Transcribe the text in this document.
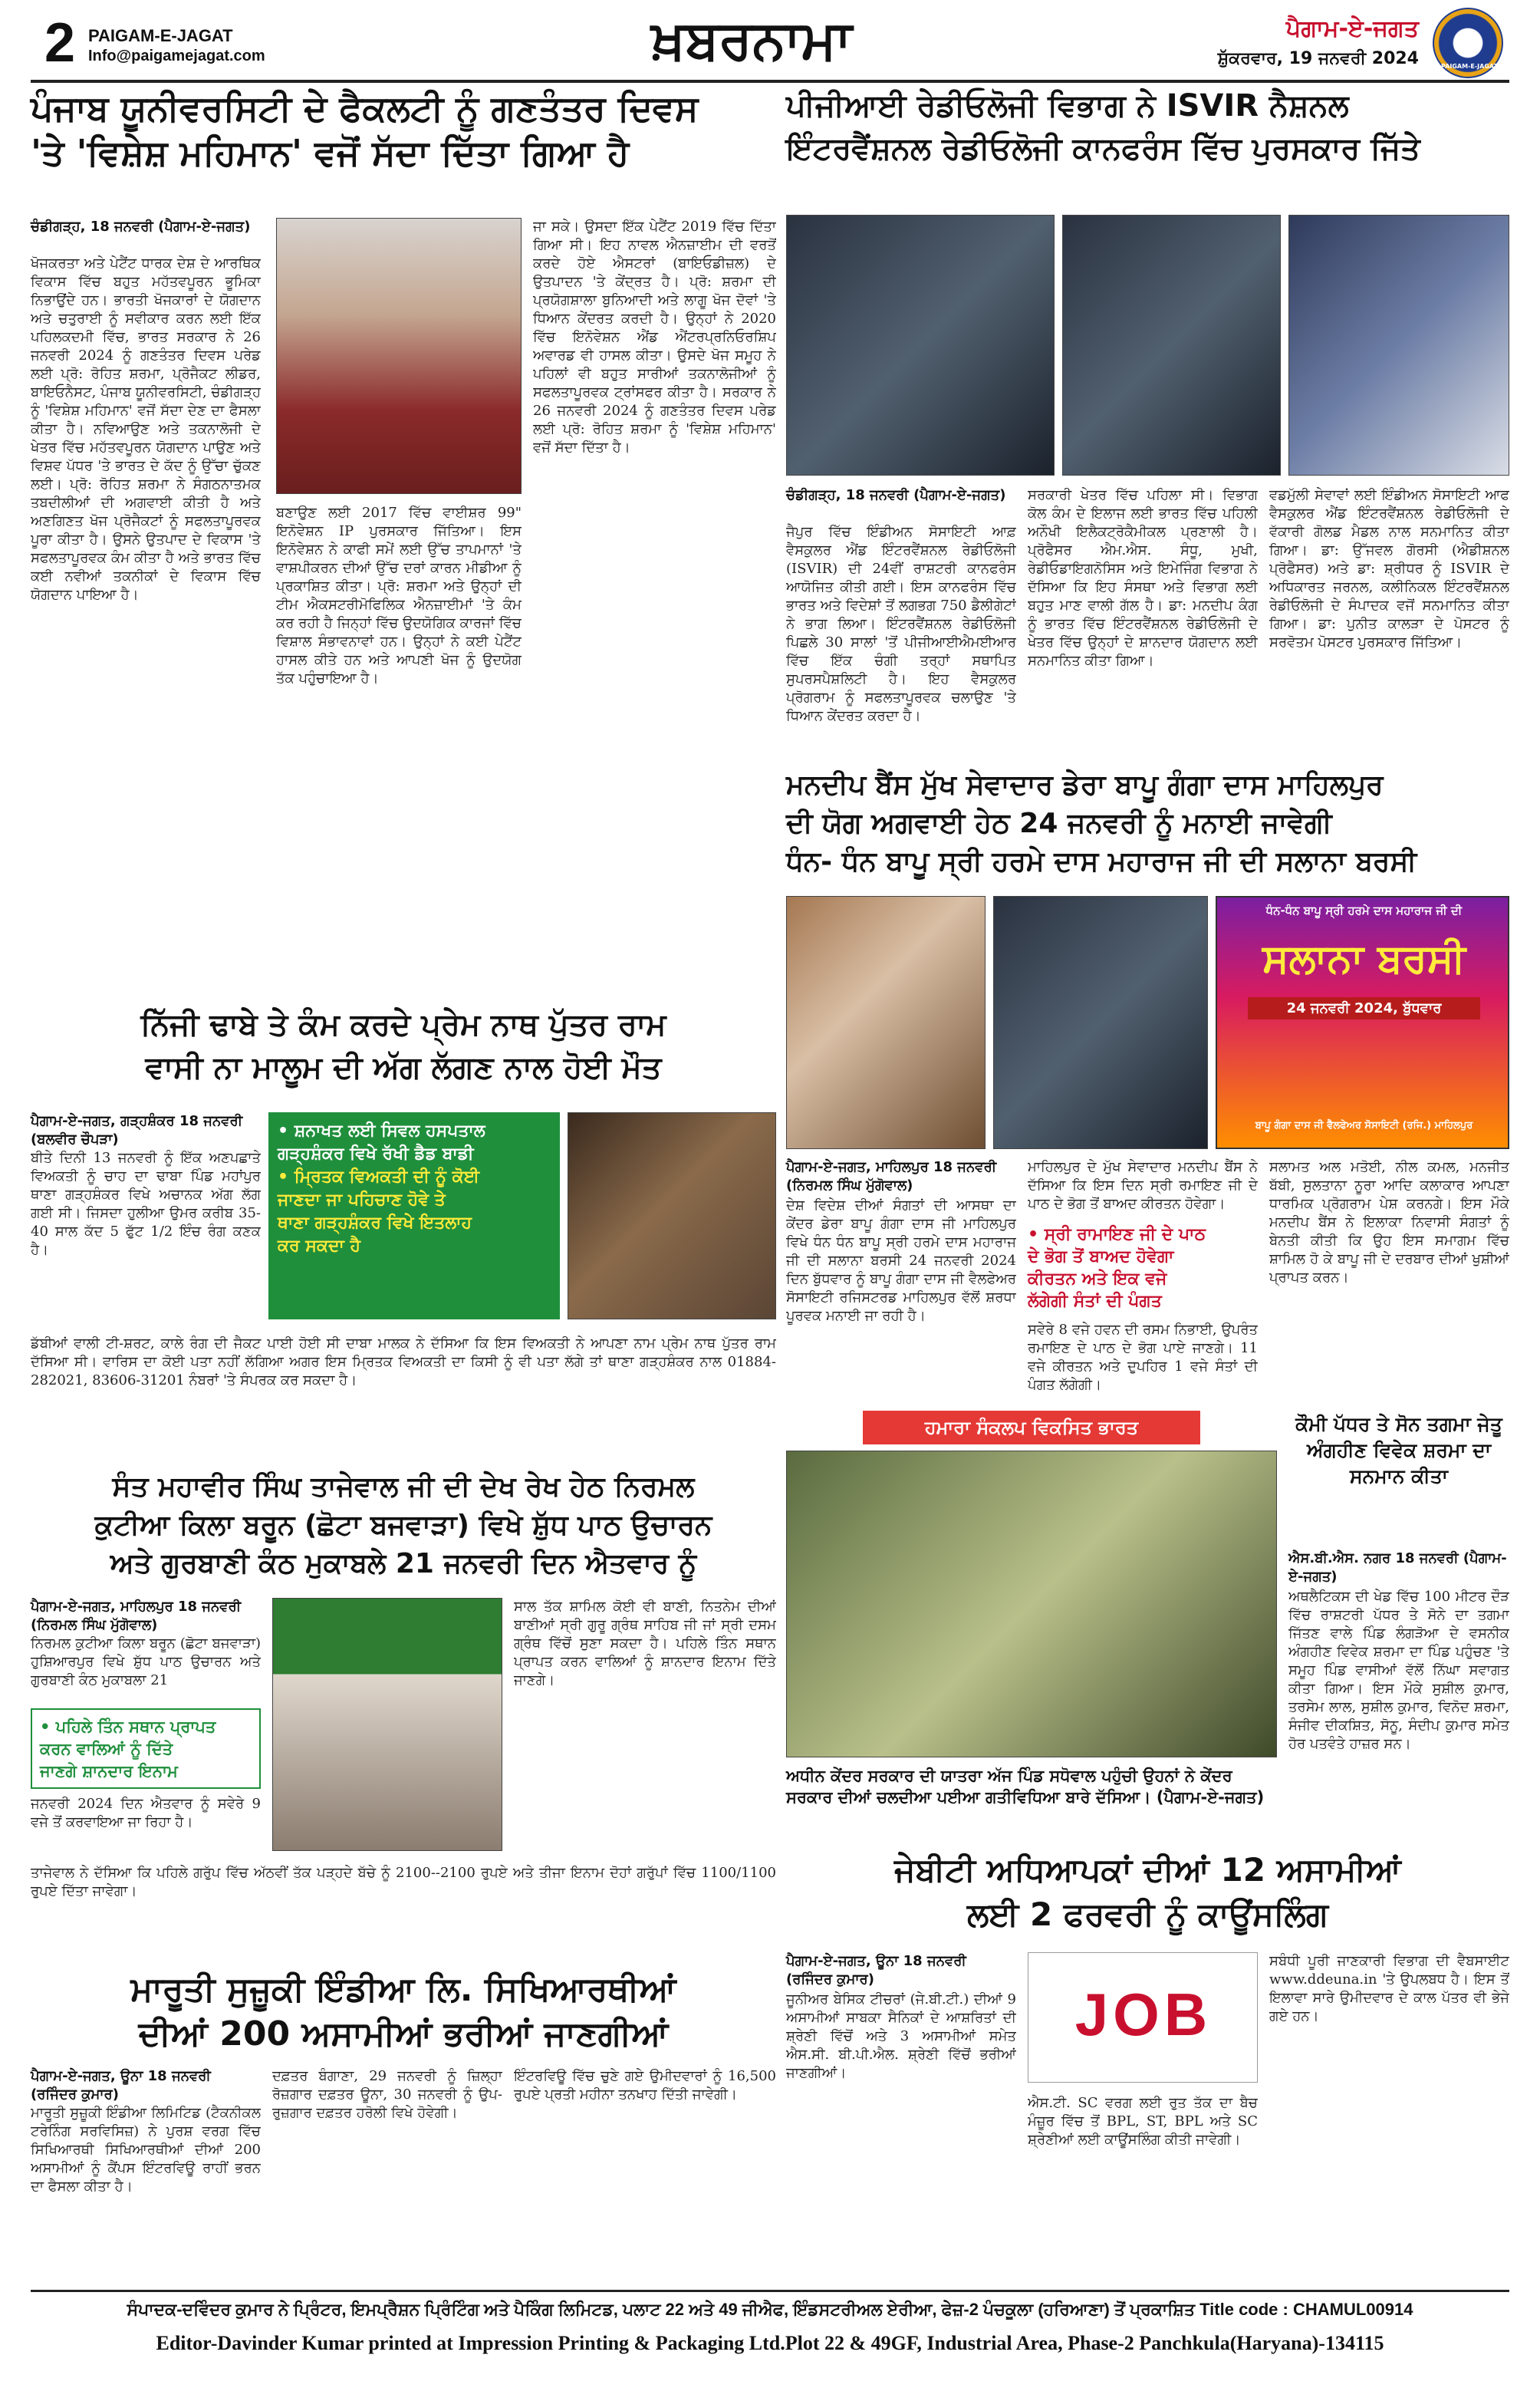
2 PAIGAM-E-JAGAT
Info@paigamejagat.com	ਖ਼ਬਰਨਾਮਾ	ਪੈਗਾਮ-ਏ-ਜਗਤ
ਸ਼ੁੱਕਰਵਾਰ, 19 ਜਨਵਰੀ 2024	PAIGAM-E-JAGAT
ਪੰਜਾਬ ਯੂਨੀਵਰਸਿਟੀ ਦੇ ਫੈਕਲਟੀ ਨੂੰ ਗਣਤੰਤਰ ਦਿਵਸ
'ਤੇ 'ਵਿਸ਼ੇਸ਼ ਮਹਿਮਾਨ' ਵਜੋਂ ਸੱਦਾ ਦਿੱਤਾ ਗਿਆ ਹੈ
ਚੰਡੀਗੜ੍ਹ, 18 ਜਨਵਰੀ (ਪੈਗਾਮ-ਏ-ਜਗਤ)
ਖੋਜਕਰਤਾ ਅਤੇ ਪੇਟੈਂਟ ਧਾਰਕ ਦੇਸ਼ ਦੇ ਆਰਥਿਕ ਵਿਕਾਸ ਵਿੱਚ ਬਹੁਤ ਮਹੱਤਵਪੂਰਨ ਭੂਮਿਕਾ ਨਿਭਾਉਂਦੇ ਹਨ। ਭਾਰਤੀ ਖੋਜਕਾਰਾਂ ਦੇ ਯੋਗਦਾਨ ਅਤੇ ਚਤੁਰਾਈ ਨੂੰ ਸਵੀਕਾਰ ਕਰਨ ਲਈ ਇੱਕ ਪਹਿਲਕਦਮੀ ਵਿੱਚ, ਭਾਰਤ ਸਰਕਾਰ ਨੇ 26 ਜਨਵਰੀ 2024 ਨੂੰ ਗਣਤੰਤਰ ਦਿਵਸ ਪਰੇਡ ਲਈ ਪ੍ਰੋ: ਰੋਹਿਤ ਸ਼ਰਮਾ, ਪ੍ਰੋਜੈਕਟ ਲੀਡਰ, ਬਾਇਓਨੈਸਟ, ਪੰਜਾਬ ਯੂਨੀਵਰਸਿਟੀ, ਚੰਡੀਗੜ੍ਹ ਨੂੰ 'ਵਿਸ਼ੇਸ਼ ਮਹਿਮਾਨ' ਵਜੋਂ ਸੱਦਾ ਦੇਣ ਦਾ ਫੈਸਲਾ ਕੀਤਾ ਹੈ। ਨਵਿਆਉਣ ਅਤੇ ਤਕਨਾਲੋਜੀ ਦੇ ਖੇਤਰ ਵਿੱਚ ਮਹੱਤਵਪੂਰਨ ਯੋਗਦਾਨ ਪਾਉਣ ਅਤੇ ਵਿਸ਼ਵ ਪੱਧਰ 'ਤੇ ਭਾਰਤ ਦੇ ਕੱਦ ਨੂੰ ਉੱਚਾ ਚੁੱਕਣ ਲਈ। ਪ੍ਰੋ: ਰੋਹਿਤ ਸ਼ਰਮਾ ਨੇ ਸੰਗਠਨਾਤਮਕ ਤਬਦੀਲੀਆਂ ਦੀ ਅਗਵਾਈ ਕੀਤੀ ਹੈ ਅਤੇ ਅਣਗਿਣਤ ਖੋਜ ਪ੍ਰੋਜੈਕਟਾਂ ਨੂੰ ਸਫਲਤਾਪੂਰਵਕ ਪੂਰਾ ਕੀਤਾ ਹੈ। ਉਸਨੇ ਉਤਪਾਦ ਦੇ ਵਿਕਾਸ 'ਤੇ ਸਫਲਤਾਪੂਰਵਕ ਕੰਮ ਕੀਤਾ ਹੈ ਅਤੇ ਭਾਰਤ ਵਿੱਚ ਕਈ ਨਵੀਆਂ ਤਕਨੀਕਾਂ ਦੇ ਵਿਕਾਸ ਵਿੱਚ ਯੋਗਦਾਨ ਪਾਇਆ ਹੈ।
ਬਣਾਉਣ ਲਈ 2017 ਵਿੱਚ ਵਾਈਸ਼ਰ 99" ਇਨੋਵੇਸ਼ਨ IP ਪੁਰਸਕਾਰ ਜਿੱਤਿਆ। ਇਸ ਇਨੋਵੇਸ਼ਨ ਨੇ ਕਾਫੀ ਸਮੇਂ ਲਈ ਉੱਚ ਤਾਪਮਾਨਾਂ 'ਤੇ ਵਾਸ਼ਪੀਕਰਨ ਦੀਆਂ ਉੱਚ ਦਰਾਂ ਕਾਰਨ ਮੀਡੀਆ ਨੂੰ ਪ੍ਰਕਾਸ਼ਿਤ ਕੀਤਾ। ਪ੍ਰੋ: ਸ਼ਰਮਾ ਅਤੇ ਉਨ੍ਹਾਂ ਦੀ ਟੀਮ ਐਕਸਟਰੀਮੋਫਿਲਿਕ ਐਨਜ਼ਾਈਮਾਂ 'ਤੇ ਕੰਮ ਕਰ ਰਹੀ ਹੈ ਜਿਨ੍ਹਾਂ ਵਿੱਚ ਉਦਯੋਗਿਕ ਕਾਰਜਾਂ ਵਿੱਚ ਵਿਸ਼ਾਲ ਸੰਭਾਵਨਾਵਾਂ ਹਨ। ਉਨ੍ਹਾਂ ਨੇ ਕਈ ਪੇਟੈਂਟ ਹਾਸਲ ਕੀਤੇ ਹਨ ਅਤੇ ਆਪਣੀ ਖੋਜ ਨੂੰ ਉਦਯੋਗ ਤੱਕ ਪਹੁੰਚਾਇਆ ਹੈ।
ਜਾ ਸਕੇ। ਉਸਦਾ ਇੱਕ ਪੇਟੈਂਟ 2019 ਵਿੱਚ ਦਿੱਤਾ ਗਿਆ ਸੀ। ਇਹ ਨਾਵਲ ਐਨਜ਼ਾਈਮ ਦੀ ਵਰਤੋਂ ਕਰਦੇ ਹੋਏ ਐਸਟਰਾਂ (ਬਾਇਓਡੀਜ਼ਲ) ਦੇ ਉਤਪਾਦਨ 'ਤੇ ਕੇਂਦ੍ਰਤ ਹੈ। ਪ੍ਰੋ: ਸ਼ਰਮਾ ਦੀ ਪ੍ਰਯੋਗਸ਼ਾਲਾ ਬੁਨਿਆਦੀ ਅਤੇ ਲਾਗੂ ਖੋਜ ਦੋਵਾਂ 'ਤੇ ਧਿਆਨ ਕੇਂਦਰਤ ਕਰਦੀ ਹੈ। ਉਨ੍ਹਾਂ ਨੇ 2020 ਵਿੱਚ ਇਨੋਵੇਸ਼ਨ ਐਂਡ ਐਂਟਰਪ੍ਰਨਿਓਰਸ਼ਿਪ ਅਵਾਰਡ ਵੀ ਹਾਸਲ ਕੀਤਾ। ਉਸਦੇ ਖੋਜ ਸਮੂਹ ਨੇ ਪਹਿਲਾਂ ਵੀ ਬਹੁਤ ਸਾਰੀਆਂ ਤਕਨਾਲੋਜੀਆਂ ਨੂੰ ਸਫਲਤਾਪੂਰਵਕ ਟ੍ਰਾਂਸਫਰ ਕੀਤਾ ਹੈ। ਸਰਕਾਰ ਨੇ 26 ਜਨਵਰੀ 2024 ਨੂੰ ਗਣਤੰਤਰ ਦਿਵਸ ਪਰੇਡ ਲਈ ਪ੍ਰੋ: ਰੋਹਿਤ ਸ਼ਰਮਾ ਨੂੰ 'ਵਿਸ਼ੇਸ਼ ਮਹਿਮਾਨ' ਵਜੋਂ ਸੱਦਾ ਦਿੱਤਾ ਹੈ।
ਪੀਜੀਆਈ ਰੇਡੀਓਲੋਜੀ ਵਿਭਾਗ ਨੇ ISVIR ਨੈਸ਼ਨਲ
ਇੰਟਰਵੈਂਸ਼ਨਲ ਰੇਡੀਓਲੋਜੀ ਕਾਨਫਰੰਸ ਵਿੱਚ ਪੁਰਸਕਾਰ ਜਿੱਤੇ
ਚੰਡੀਗੜ੍ਹ, 18 ਜਨਵਰੀ (ਪੈਗਾਮ-ਏ-ਜਗਤ)
ਜੈਪੁਰ ਵਿੱਚ ਇੰਡੀਅਨ ਸੋਸਾਇਟੀ ਆਫ਼ ਵੈਸਕੁਲਰ ਐਂਡ ਇੰਟਰਵੈਂਸ਼ਨਲ ਰੇਡੀਓਲੋਜੀ (ISVIR) ਦੀ 24ਵੀਂ ਰਾਸ਼ਟਰੀ ਕਾਨਫਰੰਸ ਆਯੋਜਿਤ ਕੀਤੀ ਗਈ। ਇਸ ਕਾਨਫਰੰਸ ਵਿੱਚ ਭਾਰਤ ਅਤੇ ਵਿਦੇਸ਼ਾਂ ਤੋਂ ਲਗਭਗ 750 ਡੈਲੀਗੇਟਾਂ ਨੇ ਭਾਗ ਲਿਆ। ਇੰਟਰਵੈਂਸ਼ਨਲ ਰੇਡੀਓਲੋਜੀ ਪਿਛਲੇ 30 ਸਾਲਾਂ 'ਤੋਂ ਪੀਜੀਆਈਐਮਈਆਰ ਵਿੱਚ ਇੱਕ ਚੰਗੀ ਤਰ੍ਹਾਂ ਸਥਾਪਿਤ ਸੁਪਰਸਪੈਸ਼ਲਿਟੀ ਹੈ। ਇਹ ਵੈਸਕੁਲਰ ਪ੍ਰੋਗਰਾਮ ਨੂੰ ਸਫਲਤਾਪੂਰਵਕ ਚਲਾਉਣ 'ਤੇ ਧਿਆਨ ਕੇਂਦਰਤ ਕਰਦਾ ਹੈ।
ਸਰਕਾਰੀ ਖੇਤਰ ਵਿੱਚ ਪਹਿਲਾ ਸੀ। ਵਿਭਾਗ ਕੋਲ ਕੰਮ ਦੇ ਇਲਾਜ ਲਈ ਭਾਰਤ ਵਿੱਚ ਪਹਿਲੀ ਅਨੌਖੀ ਇਲੈਕਟ੍ਰੋਕੈਮੀਕਲ ਪ੍ਰਣਾਲੀ ਹੈ। ਪ੍ਰੋਫੈਸਰ ਐਮ.ਐਸ. ਸੰਧੂ, ਮੁਖੀ, ਰੇਡੀਓਡਾਇਗਨੋਸਿਸ ਅਤੇ ਇਮੇਜਿੰਗ ਵਿਭਾਗ ਨੇ ਦੱਸਿਆ ਕਿ ਇਹ ਸੰਸਥਾ ਅਤੇ ਵਿਭਾਗ ਲਈ ਬਹੁਤ ਮਾਣ ਵਾਲੀ ਗੱਲ ਹੈ। ਡਾ: ਮਨਦੀਪ ਕੰਗ ਨੂੰ ਭਾਰਤ ਵਿੱਚ ਇੰਟਰਵੈਂਸ਼ਨਲ ਰੇਡੀਓਲੋਜੀ ਦੇ ਖੇਤਰ ਵਿੱਚ ਉਨ੍ਹਾਂ ਦੇ ਸ਼ਾਨਦਾਰ ਯੋਗਦਾਨ ਲਈ ਸਨਮਾਨਿਤ ਕੀਤਾ ਗਿਆ।
ਵਡਮੁੱਲੀ ਸੇਵਾਵਾਂ ਲਈ ਇੰਡੀਅਨ ਸੋਸਾਇਟੀ ਆਫ ਵੈਸਕੁਲਰ ਐਂਡ ਇੰਟਰਵੈਂਸ਼ਨਲ ਰੇਡੀਓਲੋਜੀ ਦੇ ਵੱਕਾਰੀ ਗੋਲਡ ਮੈਡਲ ਨਾਲ ਸਨਮਾਨਿਤ ਕੀਤਾ ਗਿਆ। ਡਾ: ਉੱਜਵਲ ਗੋਰਸੀ (ਐਡੀਸ਼ਨਲ ਪ੍ਰੋਫੈਸਰ) ਅਤੇ ਡਾ: ਸ਼੍ਰੀਧਰ ਨੂੰ ISVIR ਦੇ ਅਧਿਕਾਰਤ ਜਰਨਲ, ਕਲੀਨਿਕਲ ਇੰਟਰਵੈਂਸ਼ਨਲ ਰੇਡੀਓਲੋਜੀ ਦੇ ਸੰਪਾਦਕ ਵਜੋਂ ਸਨਮਾਨਿਤ ਕੀਤਾ ਗਿਆ। ਡਾ: ਪੁਨੀਤ ਕਾਲੜਾ ਦੇ ਪੋਸਟਰ ਨੂੰ ਸਰਵੋਤਮ ਪੋਸਟਰ ਪੁਰਸਕਾਰ ਜਿੱਤਿਆ।
ਮਨਦੀਪ ਬੈਂਸ ਮੁੱਖ ਸੇਵਾਦਾਰ ਡੇਰਾ ਬਾਪੂ ਗੰਗਾ ਦਾਸ ਮਾਹਿਲਪੁਰ
ਦੀ ਯੋਗ ਅਗਵਾਈ ਹੇਠ 24 ਜਨਵਰੀ ਨੂੰ ਮਨਾਈ ਜਾਵੇਗੀ
ਧੰਨ- ਧੰਨ ਬਾਪੂ ਸ੍ਰੀ ਹਰਮੇ ਦਾਸ ਮਹਾਰਾਜ ਜੀ ਦੀ ਸਲਾਨਾ ਬਰਸੀ
ਧੰਨ-ਧੰਨ ਬਾਪੂ ਸ੍ਰੀ ਹਰਮੇ ਦਾਸ ਮਹਾਰਾਜ ਜੀ ਦੀ
ਸਲਾਨਾ ਬਰਸੀ
24 ਜਨਵਰੀ 2024, ਬੁੱਧਵਾਰ
ਬਾਪੂ ਗੰਗਾ ਦਾਸ ਜੀ ਵੈਲਫੇਅਰ ਸੋਸਾਇਟੀ (ਰਜਿ.) ਮਾਹਿਲਪੁਰ
ਪੈਗਾਮ-ਏ-ਜਗਤ, ਮਾਹਿਲਪੁਰ 18 ਜਨਵਰੀ (ਨਿਰਮਲ ਸਿੰਘ ਮੁੱਗੋਵਾਲ)
ਦੇਸ਼ ਵਿਦੇਸ਼ ਦੀਆਂ ਸੰਗਤਾਂ ਦੀ ਆਸਥਾ ਦਾ ਕੇਂਦਰ ਡੇਰਾ ਬਾਪੂ ਗੰਗਾ ਦਾਸ ਜੀ ਮਾਹਿਲਪੁਰ ਵਿਖੇ ਧੰਨ ਧੰਨ ਬਾਪੂ ਸ੍ਰੀ ਹਰਮੇ ਦਾਸ ਮਹਾਰਾਜ ਜੀ ਦੀ ਸਲਾਨਾ ਬਰਸੀ 24 ਜਨਵਰੀ 2024 ਦਿਨ ਬੁੱਧਵਾਰ ਨੂੰ ਬਾਪੂ ਗੰਗਾ ਦਾਸ ਜੀ ਵੈਲਫੇਅਰ ਸੋਸਾਇਟੀ ਰਜਿਸਟਰਡ ਮਾਹਿਲਪੁਰ ਵੱਲੋਂ ਸ਼ਰਧਾ ਪੂਰਵਕ ਮਨਾਈ ਜਾ ਰਹੀ ਹੈ।
ਮਾਹਿਲਪੁਰ ਦੇ ਮੁੱਖ ਸੇਵਾਦਾਰ ਮਨਦੀਪ ਬੈਂਸ ਨੇ ਦੱਸਿਆ ਕਿ ਇਸ ਦਿਨ ਸ੍ਰੀ ਰਮਾਇਣ ਜੀ ਦੇ ਪਾਠ ਦੇ ਭੋਗ ਤੋਂ ਬਾਅਦ ਕੀਰਤਨ ਹੋਵੇਗਾ।
• ਸ੍ਰੀ ਰਾਮਾਇਣ ਜੀ ਦੇ ਪਾਠ
ਦੇ ਭੋਗ ਤੋਂ ਬਾਅਦ ਹੋਵੇਗਾ
ਕੀਰਤਨ ਅਤੇ ਇਕ ਵਜੇ
ਲੱਗੇਗੀ ਸੰਤਾਂ ਦੀ ਪੰਗਤ
ਸਵੇਰੇ 8 ਵਜੇ ਹਵਨ ਦੀ ਰਸਮ ਨਿਭਾਈ, ਉਪਰੰਤ ਰਮਾਇਣ ਦੇ ਪਾਠ ਦੇ ਭੋਗ ਪਾਏ ਜਾਣਗੇ। 11 ਵਜੇ ਕੀਰਤਨ ਅਤੇ ਦੁਪਹਿਰ 1 ਵਜੇ ਸੰਤਾਂ ਦੀ ਪੰਗਤ ਲੱਗੇਗੀ।
ਸਲਾਮਤ ਅਲ ਮਤੋਈ, ਨੀਲ ਕਮਲ, ਮਨਜੀਤ ਬੱਬੀ, ਸੁਲਤਾਨਾ ਨੂਰਾ ਆਦਿ ਕਲਾਕਾਰ ਆਪਣਾ ਧਾਰਮਿਕ ਪ੍ਰੋਗਰਾਮ ਪੇਸ਼ ਕਰਨਗੇ। ਇਸ ਮੌਕੇ ਮਨਦੀਪ ਬੈਂਸ ਨੇ ਇਲਾਕਾ ਨਿਵਾਸੀ ਸੰਗਤਾਂ ਨੂੰ ਬੇਨਤੀ ਕੀਤੀ ਕਿ ਉਹ ਇਸ ਸਮਾਗਮ ਵਿੱਚ ਸ਼ਾਮਿਲ ਹੋ ਕੇ ਬਾਪੂ ਜੀ ਦੇ ਦਰਬਾਰ ਦੀਆਂ ਖੁਸ਼ੀਆਂ ਪ੍ਰਾਪਤ ਕਰਨ।
ਨਿੱਜੀ ਢਾਬੇ ਤੇ ਕੰਮ ਕਰਦੇ ਪ੍ਰੇਮ ਨਾਥ ਪੁੱਤਰ ਰਾਮ
ਵਾਸੀ ਨਾ ਮਾਲੂਮ ਦੀ ਅੱਗ ਲੱਗਣ ਨਾਲ ਹੋਈ ਮੌਤ
ਪੈਗਾਮ-ਏ-ਜਗਤ, ਗੜ੍ਹਸ਼ੰਕਰ 18 ਜਨਵਰੀ (ਬਲਵੀਰ ਚੌਪੜਾ)
ਬੀਤੇ ਦਿਨੀ 13 ਜਨਵਰੀ ਨੂੰ ਇੱਕ ਅਣਪਛਾਤੇ ਵਿਅਕਤੀ ਨੂੰ ਚਾਹ ਦਾ ਢਾਬਾ ਪਿੰਡ ਮਹਾਂਪੁਰ ਥਾਣਾ ਗੜ੍ਹਸ਼ੰਕਰ ਵਿਖੇ ਅਚਾਨਕ ਅੱਗ ਲੱਗ ਗਈ ਸੀ। ਜਿਸਦਾ ਹੁਲੀਆ ਉਮਰ ਕਰੀਬ 35-40 ਸਾਲ ਕੱਦ 5 ਫੁੱਟ 1/2 ਇੰਚ ਰੰਗ ਕਣਕ ਹੈ।
• ਸ਼ਨਾਖਤ ਲਈ ਸਿਵਲ ਹਸਪਤਾਲ
ਗੜ੍ਹਸ਼ੰਕਰ ਵਿਖੇ ਰੱਖੀ ਡੈਡ ਬਾਡੀ
• ਮ੍ਰਿਤਕ ਵਿਅਕਤੀ ਦੀ ਨੂੰ ਕੋਈ
ਜਾਣਦਾ ਜਾ ਪਹਿਚਾਣ ਹੋਵੇ ਤੇ
ਥਾਣਾ ਗੜ੍ਹਸ਼ੰਕਰ ਵਿਖੇ ਇਤਲਾਹ
ਕਰ ਸਕਦਾ ਹੈ
ਡੱਬੀਆਂ ਵਾਲੀ ਟੀ-ਸ਼ਰਟ, ਕਾਲੇ ਰੰਗ ਦੀ ਜੈਕਟ ਪਾਈ ਹੋਈ ਸੀ ਦਾਬਾ ਮਾਲਕ ਨੇ ਦੱਸਿਆ ਕਿ ਇਸ ਵਿਅਕਤੀ ਨੇ ਆਪਣਾ ਨਾਮ ਪ੍ਰੇਮ ਨਾਥ ਪੁੱਤਰ ਰਾਮ ਦੱਸਿਆ ਸੀ। ਵਾਰਿਸ ਦਾ ਕੋਈ ਪਤਾ ਨਹੀਂ ਲੱਗਿਆ ਅਗਰ ਇਸ ਮ੍ਰਿਤਕ ਵਿਅਕਤੀ ਦਾ ਕਿਸੀ ਨੂੰ ਵੀ ਪਤਾ ਲੱਗੇ ਤਾਂ ਥਾਣਾ ਗੜ੍ਹਸ਼ੰਕਰ ਨਾਲ 01884-282021, 83606-31201 ਨੰਬਰਾਂ 'ਤੇ ਸੰਪਰਕ ਕਰ ਸਕਦਾ ਹੈ।
ਸੰਤ ਮਹਾਵੀਰ ਸਿੰਘ ਤਾਜੇਵਾਲ ਜੀ ਦੀ ਦੇਖ ਰੇਖ ਹੇਠ ਨਿਰਮਲ
ਕੁਟੀਆ ਕਿਲਾ ਬਰੂਨ (ਛੋਟਾ ਬਜਵਾੜਾ) ਵਿਖੇ ਸ਼ੁੱਧ ਪਾਠ ਉਚਾਰਨ
ਅਤੇ ਗੁਰਬਾਣੀ ਕੰਠ ਮੁਕਾਬਲੇ 21 ਜਨਵਰੀ ਦਿਨ ਐਤਵਾਰ ਨੂੰ
ਪੈਗਾਮ-ਏ-ਜਗਤ, ਮਾਹਿਲਪੁਰ 18 ਜਨਵਰੀ (ਨਿਰਮਲ ਸਿੰਘ ਮੁੱਗੋਵਾਲ)
ਨਿਰਮਲ ਕੁਟੀਆ ਕਿਲਾ ਬਰੂਨ (ਛੋਟਾ ਬਜਵਾੜਾ) ਹੁਸ਼ਿਆਰਪੁਰ ਵਿਖੇ ਸ਼ੁੱਧ ਪਾਠ ਉਚਾਰਨ ਅਤੇ ਗੁਰਬਾਣੀ ਕੰਠ ਮੁਕਾਬਲਾ 21
• ਪਹਿਲੇ ਤਿੰਨ ਸਥਾਨ ਪ੍ਰਾਪਤ
ਕਰਨ ਵਾਲਿਆਂ ਨੂੰ ਦਿੱਤੇ
ਜਾਣਗੇ ਸ਼ਾਨਦਾਰ ਇਨਾਮ
ਜਨਵਰੀ 2024 ਦਿਨ ਐਤਵਾਰ ਨੂੰ ਸਵੇਰੇ 9 ਵਜੇ ਤੋਂ ਕਰਵਾਇਆ ਜਾ ਰਿਹਾ ਹੈ।
ਸਾਲ ਤੱਕ ਸ਼ਾਮਿਲ ਕੋਈ ਵੀ ਬਾਣੀ, ਨਿਤਨੇਮ ਦੀਆਂ ਬਾਣੀਆਂ ਸ੍ਰੀ ਗੁਰੂ ਗ੍ਰੰਥ ਸਾਹਿਬ ਜੀ ਜਾਂ ਸ੍ਰੀ ਦਸਮ ਗ੍ਰੰਥ ਵਿੱਚੋਂ ਸੁਣਾ ਸਕਦਾ ਹੈ। ਪਹਿਲੇ ਤਿੰਨ ਸਥਾਨ ਪ੍ਰਾਪਤ ਕਰਨ ਵਾਲਿਆਂ ਨੂੰ ਸ਼ਾਨਦਾਰ ਇਨਾਮ ਦਿੱਤੇ ਜਾਣਗੇ।
ਤਾਜੇਵਾਲ ਨੇ ਦੱਸਿਆ ਕਿ ਪਹਿਲੇ ਗਰੁੱਪ ਵਿੱਚ ਅੱਠਵੀਂ ਤੱਕ ਪੜ੍ਹਦੇ ਬੱਚੇ ਨੂੰ 2100--2100 ਰੁਪਏ ਅਤੇ ਤੀਜਾ ਇਨਾਮ ਦੋਹਾਂ ਗਰੁੱਪਾਂ ਵਿੱਚ 1100/1100 ਰੁਪਏ ਦਿੱਤਾ ਜਾਵੇਗਾ।
ਹਮਾਰਾ ਸੰਕਲਪ ਵਿਕਸਿਤ ਭਾਰਤ
ਅਧੀਨ ਕੇਂਦਰ ਸਰਕਾਰ ਦੀ ਯਾਤਰਾ ਅੱਜ ਪਿੰਡ ਸਧੋਵਾਲ ਪਹੁੰਚੀ ਉਹਨਾਂ ਨੇ ਕੇਂਦਰ ਸਰਕਾਰ ਦੀਆਂ ਚਲਦੀਆ ਪਈਆ ਗਤੀਵਿਧਿਆ ਬਾਰੇ ਦੱਸਿਆ। (ਪੈਗਾਮ-ਏ-ਜਗਤ)
ਕੌਮੀ ਪੱਧਰ ਤੇ ਸੋਨ ਤਗਮਾ ਜੇਤੂ ਅੰਗਹੀਣ ਵਿਵੇਕ ਸ਼ਰਮਾ ਦਾ ਸਨਮਾਨ ਕੀਤਾ
ਐਸ.ਬੀ.ਐਸ. ਨਗਰ 18 ਜਨਵਰੀ (ਪੈਗਾਮ-ਏ-ਜਗਤ)
ਅਥਲੈਟਿਕਸ ਦੀ ਖੇਡ ਵਿੱਚ 100 ਮੀਟਰ ਦੌੜ ਵਿੱਚ ਰਾਸ਼ਟਰੀ ਪੱਧਰ ਤੇ ਸੋਨੇ ਦਾ ਤਗਮਾ ਜਿੱਤਣ ਵਾਲੇ ਪਿੰਡ ਲੰਗੜੋਆ ਦੇ ਵਸਨੀਕ ਅੰਗਹੀਣ ਵਿਵੇਕ ਸ਼ਰਮਾ ਦਾ ਪਿੰਡ ਪਹੁੰਚਣ 'ਤੇ ਸਮੂਹ ਪਿੰਡ ਵਾਸੀਆਂ ਵੱਲੋਂ ਨਿੱਘਾ ਸਵਾਗਤ ਕੀਤਾ ਗਿਆ। ਇਸ ਮੌਕੇ ਸੁਸ਼ੀਲ ਕੁਮਾਰ, ਤਰਸੇਮ ਲਾਲ, ਸੁਸ਼ੀਲ ਕੁਮਾਰ, ਵਿਨੋਦ ਸ਼ਰਮਾ, ਸੰਜੀਵ ਦੀਕਸ਼ਿਤ, ਸੋਨੂ, ਸੰਦੀਪ ਕੁਮਾਰ ਸਮੇਤ ਹੋਰ ਪਤਵੰਤੇ ਹਾਜ਼ਰ ਸਨ।
ਜੇਬੀਟੀ ਅਧਿਆਪਕਾਂ ਦੀਆਂ 12 ਅਸਾਮੀਆਂ
ਲਈ 2 ਫਰਵਰੀ ਨੂੰ ਕਾਊਂਸਲਿੰਗ
ਪੈਗਾਮ-ਏ-ਜਗਤ, ਊਨਾ 18 ਜਨਵਰੀ (ਰਜਿੰਦਰ ਕੁਮਾਰ)
ਜੂਨੀਅਰ ਬੇਸਿਕ ਟੀਚਰਾਂ (ਜੇ.ਬੀ.ਟੀ.) ਦੀਆਂ 9 ਅਸਾਮੀਆਂ ਸਾਬਕਾ ਸੈਨਿਕਾਂ ਦੇ ਆਸ਼ਰਿਤਾਂ ਦੀ ਸ਼੍ਰੇਣੀ ਵਿੱਚੋਂ ਅਤੇ 3 ਅਸਾਮੀਆਂ ਸਮੇਤ ਐਸ.ਸੀ. ਬੀ.ਪੀ.ਐਲ. ਸ਼੍ਰੇਣੀ ਵਿੱਚੋਂ ਭਰੀਆਂ ਜਾਣਗੀਆਂ।
JOB
ਸਬੰਧੀ ਪੂਰੀ ਜਾਣਕਾਰੀ ਵਿਭਾਗ ਦੀ ਵੈਬਸਾਈਟ www.ddeuna.in 'ਤੇ ਉਪਲਬਧ ਹੈ। ਇਸ ਤੋਂ ਇਲਾਵਾ ਸਾਰੇ ਉਮੀਦਵਾਰ ਦੇ ਕਾਲ ਪੱਤਰ ਵੀ ਭੇਜੇ ਗਏ ਹਨ।
ਮਾਰੂਤੀ ਸੁਜ਼ੂਕੀ ਇੰਡੀਆ ਲਿ. ਸਿਖਿਆਰਥੀਆਂ
ਦੀਆਂ 200 ਅਸਾਮੀਆਂ ਭਰੀਆਂ ਜਾਣਗੀਆਂ
ਪੈਗਾਮ-ਏ-ਜਗਤ, ਊਨਾ 18 ਜਨਵਰੀ (ਰਜਿੰਦਰ ਕੁਮਾਰ)
ਮਾਰੂਤੀ ਸੁਜ਼ੂਕੀ ਇੰਡੀਆ ਲਿਮਿਟਿਡ (ਟੈਕਨੀਕਲ ਟਰੇਨਿੰਗ ਸਰਵਿਸਿਜ਼) ਨੇ ਪੁਰਸ਼ ਵਰਗ ਵਿੱਚ ਸਿਖਿਆਰਥੀ ਸਿਖਿਆਰਥੀਆਂ ਦੀਆਂ 200 ਅਸਾਮੀਆਂ ਨੂੰ ਕੈਂਪਸ ਇੰਟਰਵਿਊ ਰਾਹੀਂ ਭਰਨ ਦਾ ਫੈਸਲਾ ਕੀਤਾ ਹੈ।
ਦਫ਼ਤਰ ਬੰਗਾਣਾ, 29 ਜਨਵਰੀ ਨੂੰ ਜ਼ਿਲ੍ਹਾ ਰੋਜ਼ਗਾਰ ਦਫ਼ਤਰ ਊਨਾ, 30 ਜਨਵਰੀ ਨੂੰ ਉਪ-ਰੁਜ਼ਗਾਰ ਦਫ਼ਤਰ ਹਰੋਲੀ ਵਿਖੇ ਹੋਵੇਗੀ।
ਇੰਟਰਵਿਊ ਵਿੱਚ ਚੁਣੇ ਗਏ ਉਮੀਦਵਾਰਾਂ ਨੂੰ 16,500 ਰੁਪਏ ਪ੍ਰਤੀ ਮਹੀਨਾ ਤਨਖਾਹ ਦਿੱਤੀ ਜਾਵੇਗੀ।
ਐਸ.ਟੀ. SC ਵਰਗ ਲਈ ਰੁਤ ਤੱਕ ਦਾ ਬੈਚ ਮੰਜ਼ੂਰ ਵਿੱਚ ਤੋਂ BPL, ST, BPL ਅਤੇ SC ਸ਼੍ਰੇਣੀਆਂ ਲਈ ਕਾਊਂਸਲਿੰਗ ਕੀਤੀ ਜਾਵੇਗੀ।
ਸੰਪਾਦਕ-ਦਵਿੰਦਰ ਕੁਮਾਰ ਨੇ ਪ੍ਰਿੰਟਰ, ਇਮਪ੍ਰੈਸ਼ਨ ਪ੍ਰਿੰਟਿੰਗ ਅਤੇ ਪੈਕਿੰਗ ਲਿਮਿਟਡ, ਪਲਾਟ 22 ਅਤੇ 49 ਜੀਐਫ, ਇੰਡਸਟਰੀਅਲ ਏਰੀਆ, ਫੇਜ਼-2 ਪੰਚਕੂਲਾ (ਹਰਿਆਣਾ) ਤੋਂ ਪ੍ਰਕਾਸ਼ਿਤ Title code : CHAMUL00914
Editor-Davinder Kumar printed at Impression Printing & Packaging Ltd.Plot 22 & 49GF, Industrial Area, Phase-2 Panchkula(Haryana)-134115
